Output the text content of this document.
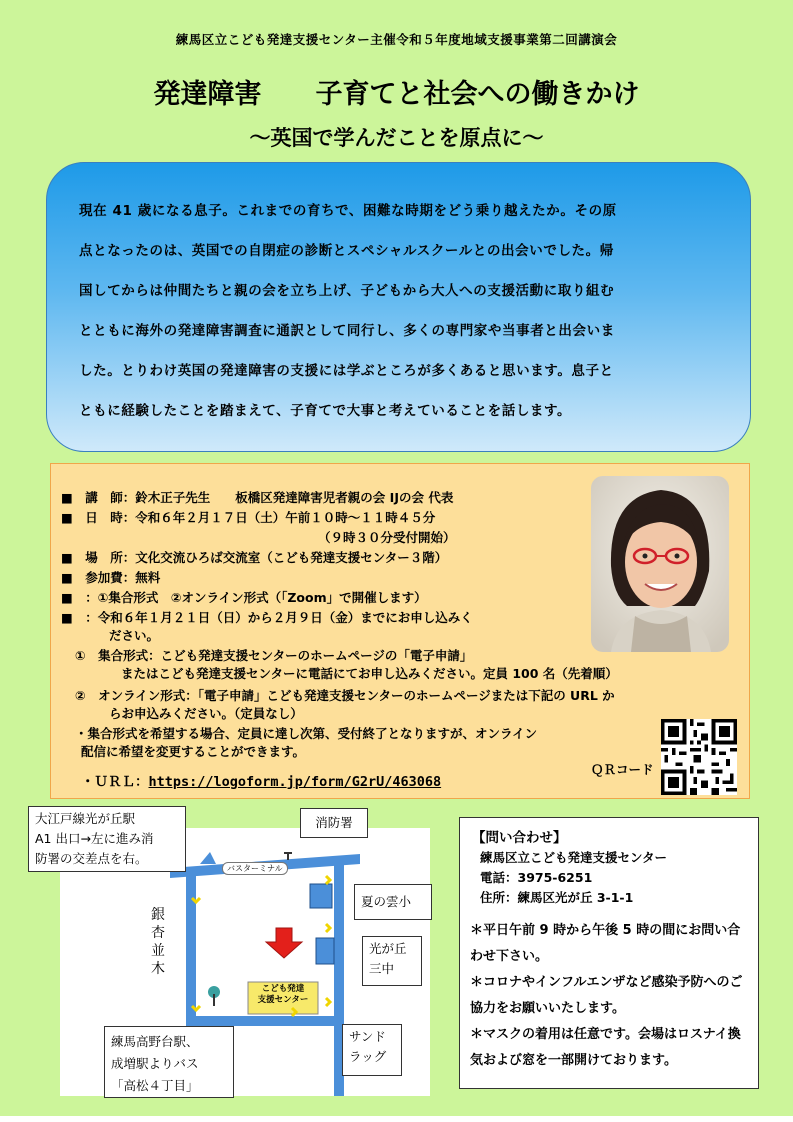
練馬区立こども発達支援センター主催令和５年度地域支援事業第二回講演会
発達障害　　子育てと社会への働きかけ
～英国で学んだことを原点に～
現在 41 歳になる息子。これまでの育ちで、困難な時期をどう乗り越えたか。その原
点となったのは、英国での自閉症の診断とスペシャルスクールとの出会いでした。帰
国してからは仲間たちと親の会を立ち上げ、子どもから大人への支援活動に取り組む
とともに海外の発達障害調査に通訳として同行し、多くの専門家や当事者と出会いま
した。とりわけ英国の発達障害の支援には学ぶところが多くあると思います。息子と
ともに経験したことを踏まえて、子育てで大事と考えていることを話します。
■　講　師：鈴木正子先生　　板橋区発達障害児者親の会 IJの会 代表
■　日　時：令和６年２月１７日（土）午前１０時～１１時４５分
（９時３０分受付開始）
■　場　所：文化交流ひろば交流室（こども発達支援センター３階）
■　参加費：無料
■　：①集合形式　②オンライン形式（「Zoom」で開催します）
■　：令和６年１月２１日（日）から２月９日（金）までにお申し込みく
ださい。
①　集合形式：こども発達支援センターのホームページの「電子申請」
またはこども発達支援センターに電話にてお申し込みください。定員 100 名（先着順）
②　オンライン形式：「電子申請」こども発達支援センターのホームページまたは下記の URL か
らお申込みください。（定員なし）
・集合形式を希望する場合、定員に達し次第、受付終了となりますが、オンライン
配信に希望を変更することができます。
・ＵＲＬ：https://logoform.jp/form/G2rU/463068
ＱＲコード
大江戸線光が丘駅
A1 出口→左に進み消
防署の交差点を右。
消防署
夏の雲小
光が丘
三中
銀
杏
並
木
バスターミナル
こども発達
支援センター
サンド
ラッグ
練馬高野台駅、
成増駅よりバス
「高松４丁目」
【問い合わせ】
練馬区立こども発達支援センター
電話：3975-6251
住所：練馬区光が丘 3-1-1
＊平日午前 9 時から午後 5 時の間にお問い合わせ下さい。
＊コロナやインフルエンザなど感染予防へのご協力をお願いいたします。
＊マスクの着用は任意です。会場はロスナイ換気および窓を一部開けております。
